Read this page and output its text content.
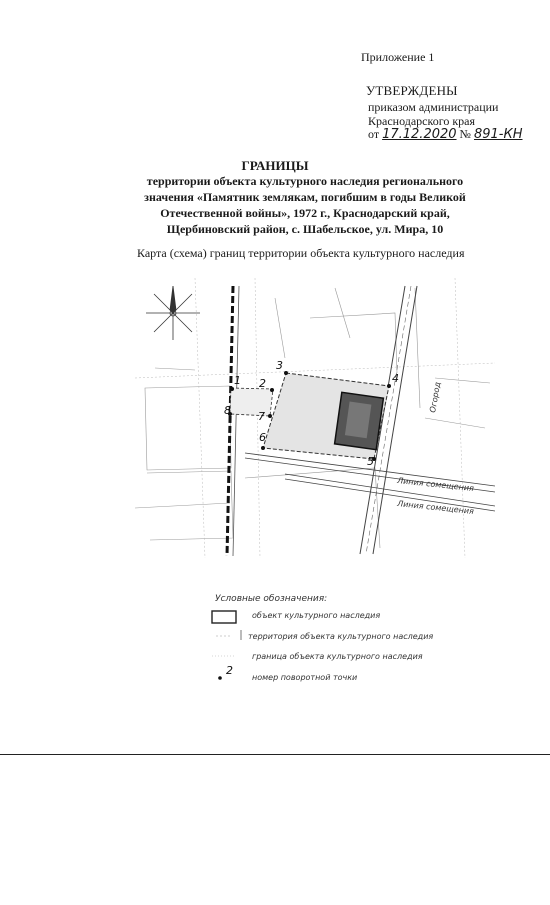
Приложение 1
УТВЕРЖДЕНЫ
приказом администрации
Краснодарского края
от 17.12.2020 № 891-КН
ГРАНИЦЫ
территории объекта культурного наследия регионального
значения «Памятник землякам, погибшим в годы Великой
Отечественной войны», 1972 г., Краснодарский край,
Щербиновский район, с. Шабельское, ул. Мира, 10
Карта (схема) границ территории объекта культурного наследия
Линия сомещения
Линия сомещения
Огород
1 2
3
4
5
6
7
8
Условные обозначения:
2
объект культурного наследия
территория объекта культурного наследия
граница объекта культурного наследия
номер поворотной точки
